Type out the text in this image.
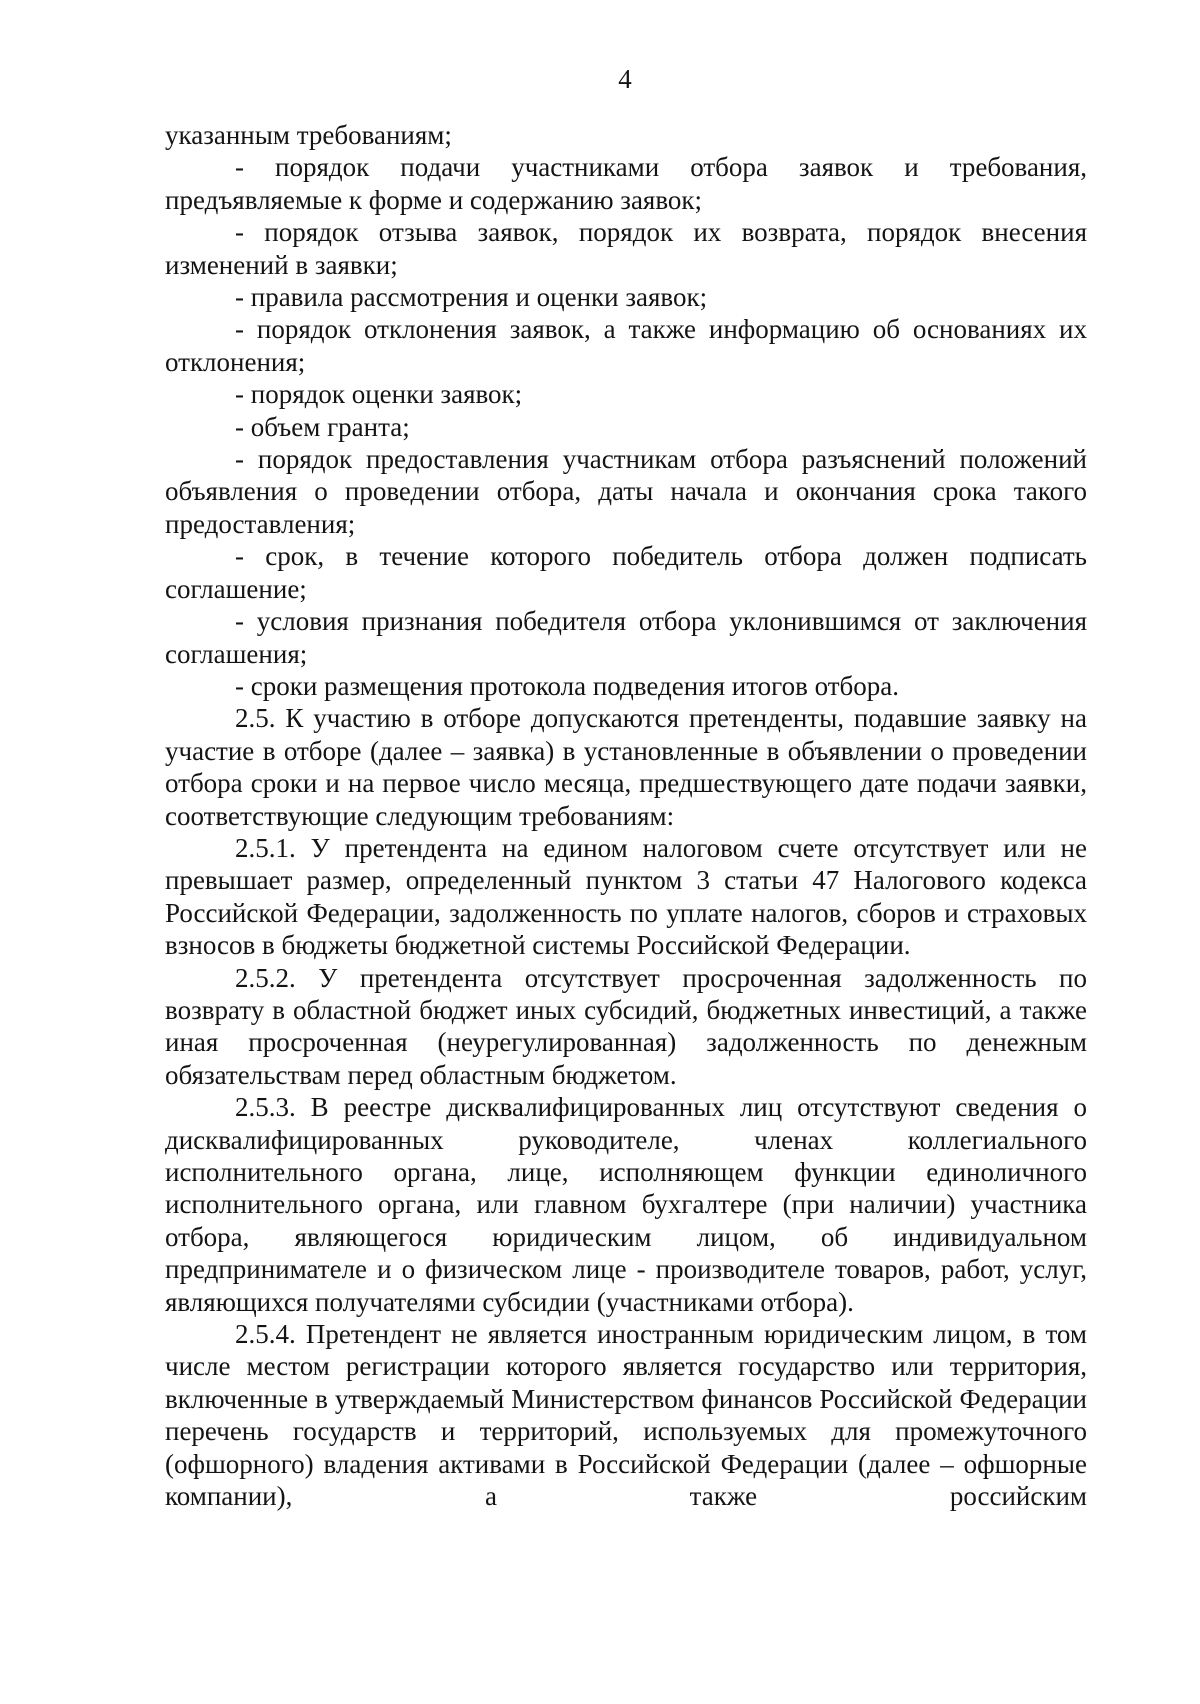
4

указанным требованиям;

- порядок подачи участниками отбора заявок и требования, предъявляемые к форме и содержанию заявок;

- порядок отзыва заявок, порядок их возврата, порядок внесения изменений в заявки;

- правила рассмотрения и оценки заявок;

- порядок отклонения заявок, а также информацию об основаниях их отклонения;

- порядок оценки заявок;

- объем гранта;

- порядок предоставления участникам отбора разъяснений положений объявления о проведении отбора, даты начала и окончания срока такого предоставления;

- срок, в течение которого победитель отбора должен подписать соглашение;

- условия признания победителя отбора уклонившимся от заключения соглашения;

- сроки размещения протокола подведения итогов отбора.

2.5. К участию в отборе допускаются претенденты, подавшие заявку на участие в отборе (далее – заявка) в установленные в объявлении о проведении отбора сроки и на первое число месяца, предшествующего дате подачи заявки, соответствующие следующим требованиям:

2.5.1. У претендента на едином налоговом счете отсутствует или не превышает размер, определенный пунктом 3 статьи 47 Налогового кодекса Российской Федерации, задолженность по уплате налогов, сборов и страховых взносов в бюджеты бюджетной системы Российской Федерации.

2.5.2. У претендента отсутствует просроченная задолженность по возврату в областной бюджет иных субсидий, бюджетных инвестиций, а также иная просроченная (неурегулированная) задолженность по денежным обязательствам перед областным бюджетом.

2.5.3. В реестре дисквалифицированных лиц отсутствуют сведения о дисквалифицированных руководителе, членах коллегиального исполнительного органа, лице, исполняющем функции единоличного исполнительного органа, или главном бухгалтере (при наличии) участника отбора, являющегося юридическим лицом, об индивидуальном предпринимателе и о физическом лице - производителе товаров, работ, услуг, являющихся получателями субсидии (участниками отбора).

2.5.4. Претендент не является иностранным юридическим лицом, в том числе местом регистрации которого является государство или территория, включенные в утверждаемый Министерством финансов Российской Федерации перечень государств и территорий, используемых для промежуточного (офшорного) владения активами в Российской Федерации (далее – офшорные компании), а также российским
